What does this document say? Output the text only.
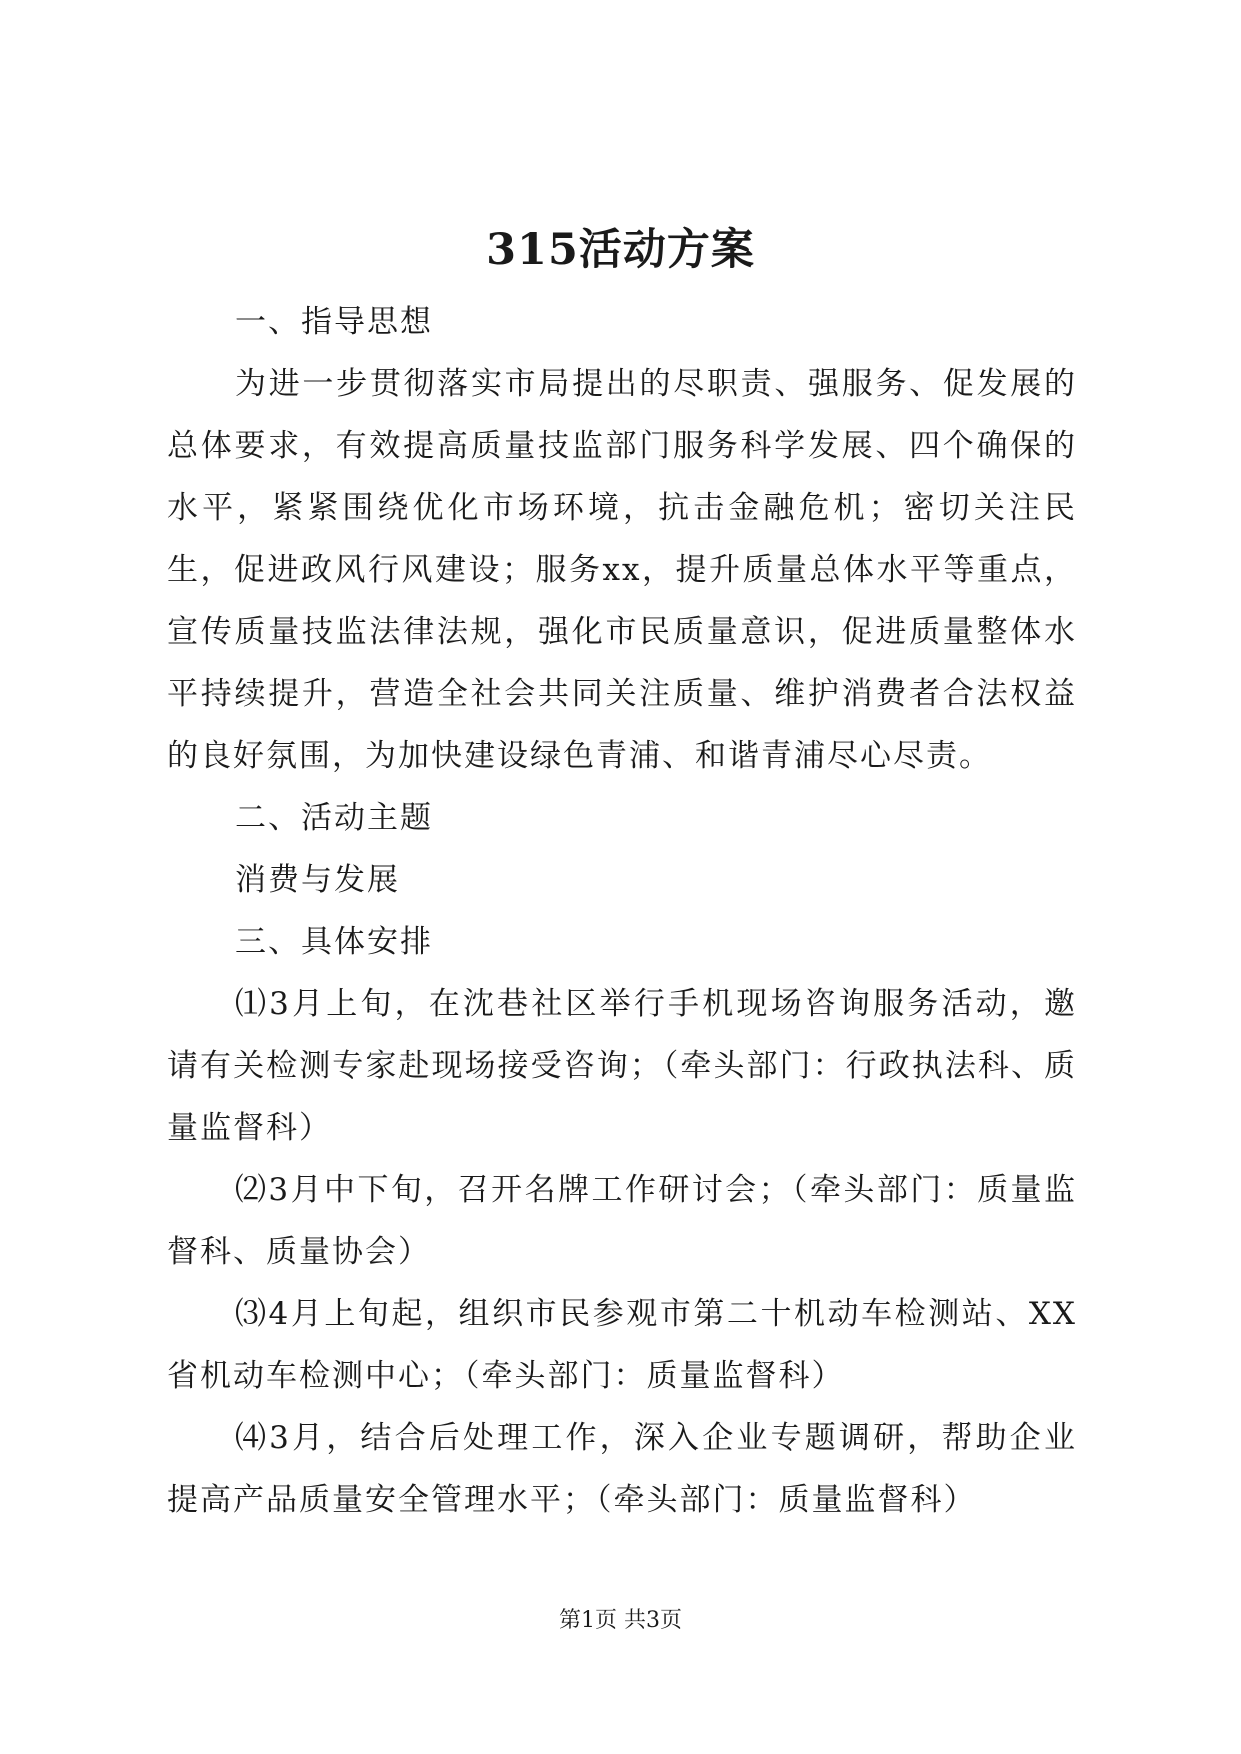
315活动方案

一、指导思想

为进一步贯彻落实市局提出的尽职责、强服务、促发展的总体要求，有效提高质量技监部门服务科学发展、四个确保的水平，紧紧围绕优化市场环境，抗击金融危机；密切关注民生，促进政风行风建设；服务xx，提升质量总体水平等重点，宣传质量技监法律法规，强化市民质量意识，促进质量整体水平持续提升，营造全社会共同关注质量、维护消费者合法权益的良好氛围，为加快建设绿色青浦、和谐青浦尽心尽责。

二、活动主题

消费与发展

三、具体安排

⑴3月上旬，在沈巷社区举行手机现场咨询服务活动，邀请有关检测专家赴现场接受咨询；（牵头部门：行政执法科、质量监督科）

⑵3月中下旬，召开名牌工作研讨会；（牵头部门：质量监督科、质量协会）

⑶4月上旬起，组织市民参观市第二十机动车检测站、XX省机动车检测中心；（牵头部门：质量监督科）

⑷3月，结合后处理工作，深入企业专题调研，帮助企业提高产品质量安全管理水平；（牵头部门：质量监督科）

第1页 共3页
